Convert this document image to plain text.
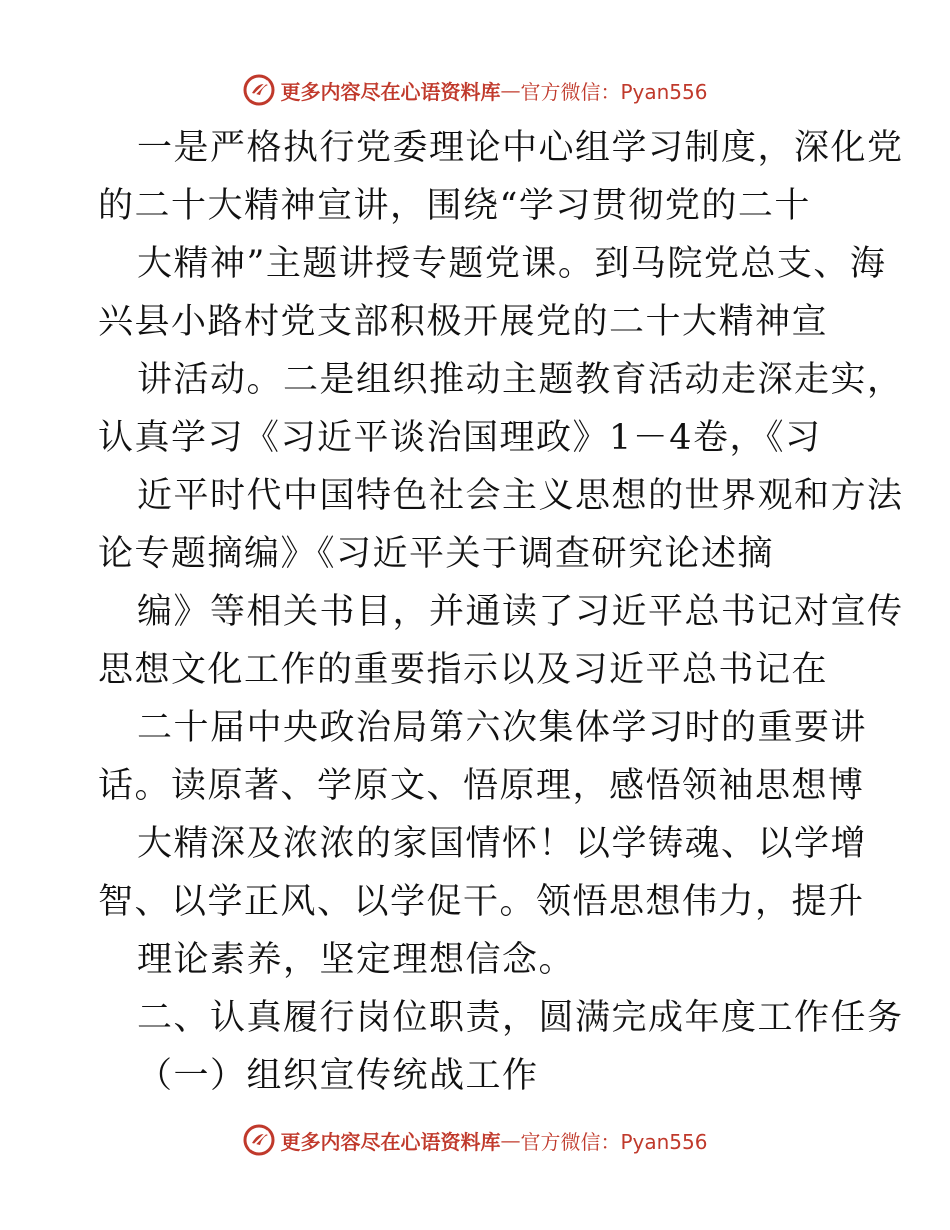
更多内容尽在心语资料库 — 官方微信：Pyan556
一是严格执行党委理论中心组学习制度，深化党
的二十大精神宣讲，围绕“学习贯彻党的二十
大精神”主题讲授专题党课。到马院党总支、海
兴县小路村党支部积极开展党的二十大精神宣
讲活动。二是组织推动主题教育活动走深走实，
认真学习《习近平谈治国理政》1－4卷，《习
近平时代中国特色社会主义思想的世界观和方法
论专题摘编》《习近平关于调查研究论述摘
编》等相关书目，并通读了习近平总书记对宣传
思想文化工作的重要指示以及习近平总书记在
二十届中央政治局第六次集体学习时的重要讲
话。读原著、学原文、悟原理，感悟领袖思想博
大精深及浓浓的家国情怀！以学铸魂、以学增
智、以学正风、以学促干。领悟思想伟力，提升
理论素养，坚定理想信念。
二、认真履行岗位职责，圆满完成年度工作任务
（一）组织宣传统战工作
更多内容尽在心语资料库 — 官方微信：Pyan556
